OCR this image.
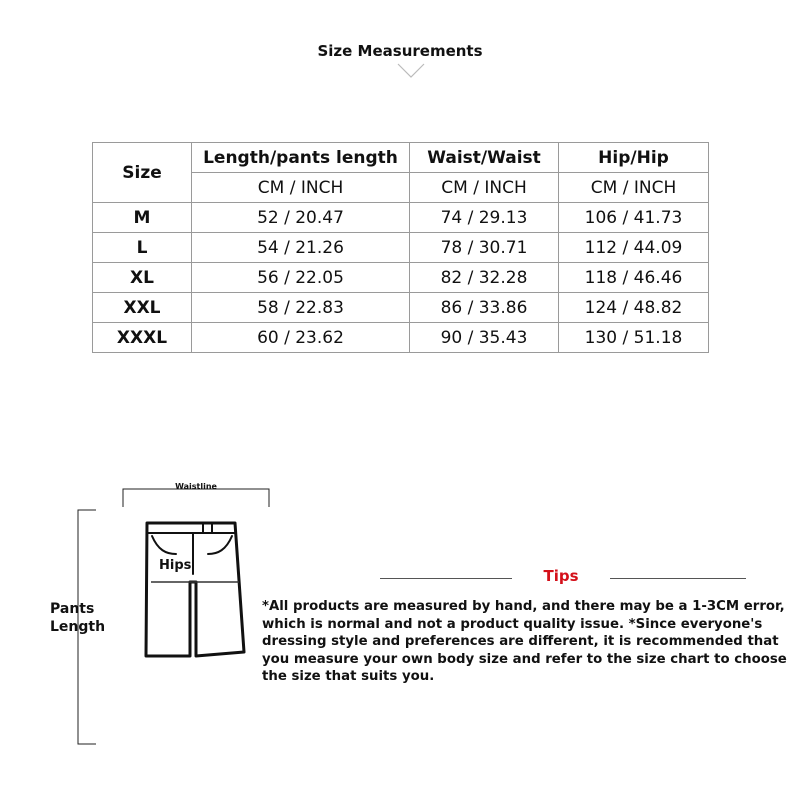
Size Measurements
Size	Length/pants length	Waist/Waist	Hip/Hip
	CM / INCH	CM / INCH	CM / INCH
M	52 / 20.47	74 / 29.13	106 / 41.73
L	54 / 21.26	78 / 30.71	112 / 44.09
XL	56 / 22.05	82 / 32.28	118 / 46.46
XXL	58 / 22.83	86 / 33.86	124 / 48.82
XXXL	60 / 23.62	90 / 35.43	130 / 51.18
Waistline
Hips
Pants Length
Tips
*All products are measured by hand, and there may be a 1-3CM error, which is normal and not a product quality issue. *Since everyone's dressing style and preferences are different, it is recommended that you measure your own body size and refer to the size chart to choose the size that suits you.
